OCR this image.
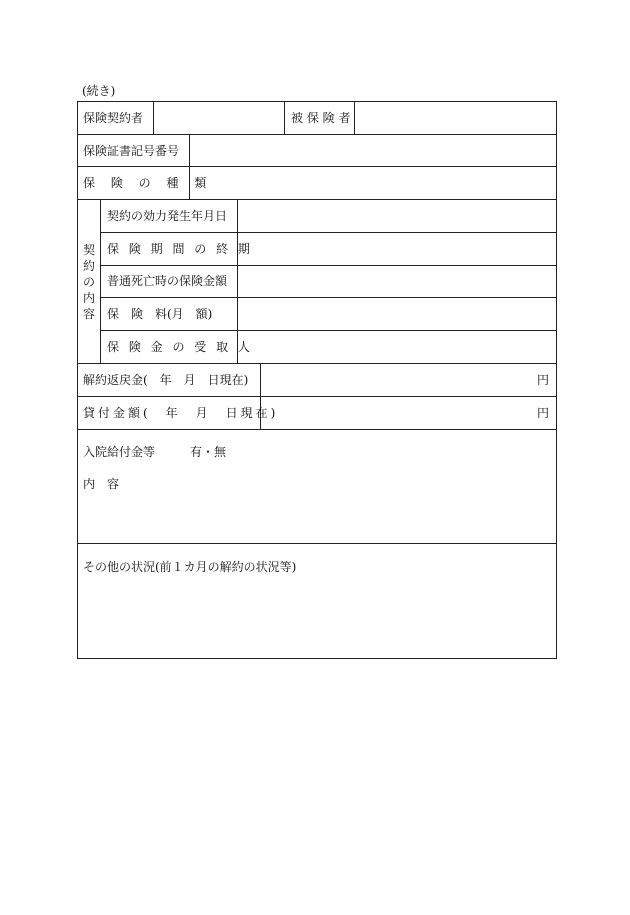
(続き)
保険契約者	被 保 険 者
保険証書記号番号
保 険 の 種 類
契
約
の
内
容
契約の効力発生年月日
保 険 期 間 の 終 期
普通死亡時の保険金額
保　険　料(月　額)
保 険 金 の 受 取 人
解約返戻金(　年　月　日現在)	円
貸付金額(　年　月　日現在)	円
入院給付金等	有・無
内　容
その他の状況(前１カ月の解約の状況等)
